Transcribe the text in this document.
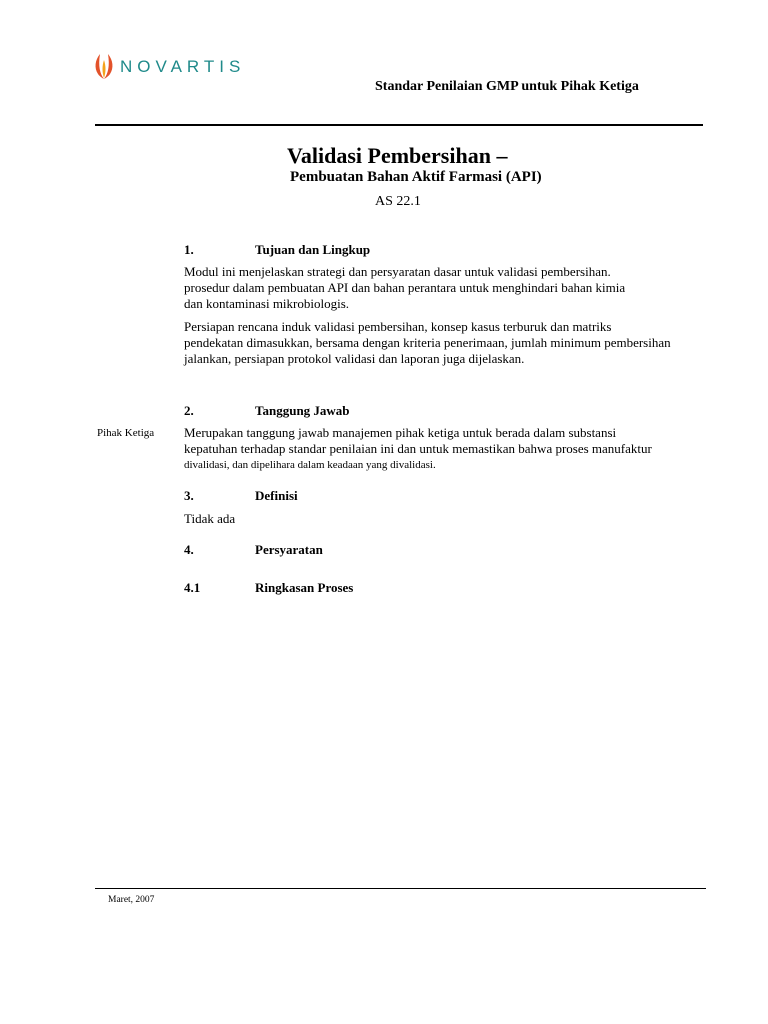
NOVARTIS
Standar Penilaian GMP untuk Pihak Ketiga
Validasi Pembersihan –
Pembuatan Bahan Aktif Farmasi (API)
AS 22.1
1.	Tujuan dan Lingkup
Modul ini menjelaskan strategi dan persyaratan dasar untuk validasi pembersihan.
prosedur dalam pembuatan API dan bahan perantara untuk menghindari bahan kimia
dan kontaminasi mikrobiologis.
Persiapan rencana induk validasi pembersihan, konsep kasus terburuk dan matriks
pendekatan dimasukkan, bersama dengan kriteria penerimaan, jumlah minimum pembersihan
jalankan, persiapan protokol validasi dan laporan juga dijelaskan.
2.	Tanggung Jawab
Pihak Ketiga Merupakan tanggung jawab manajemen pihak ketiga untuk berada dalam substansi
kepatuhan terhadap standar penilaian ini dan untuk memastikan bahwa proses manufaktur
divalidasi, dan dipelihara dalam keadaan yang divalidasi.
3.	Definisi
Tidak ada
4.	Persyaratan
4.1	Ringkasan Proses
Maret, 2007
